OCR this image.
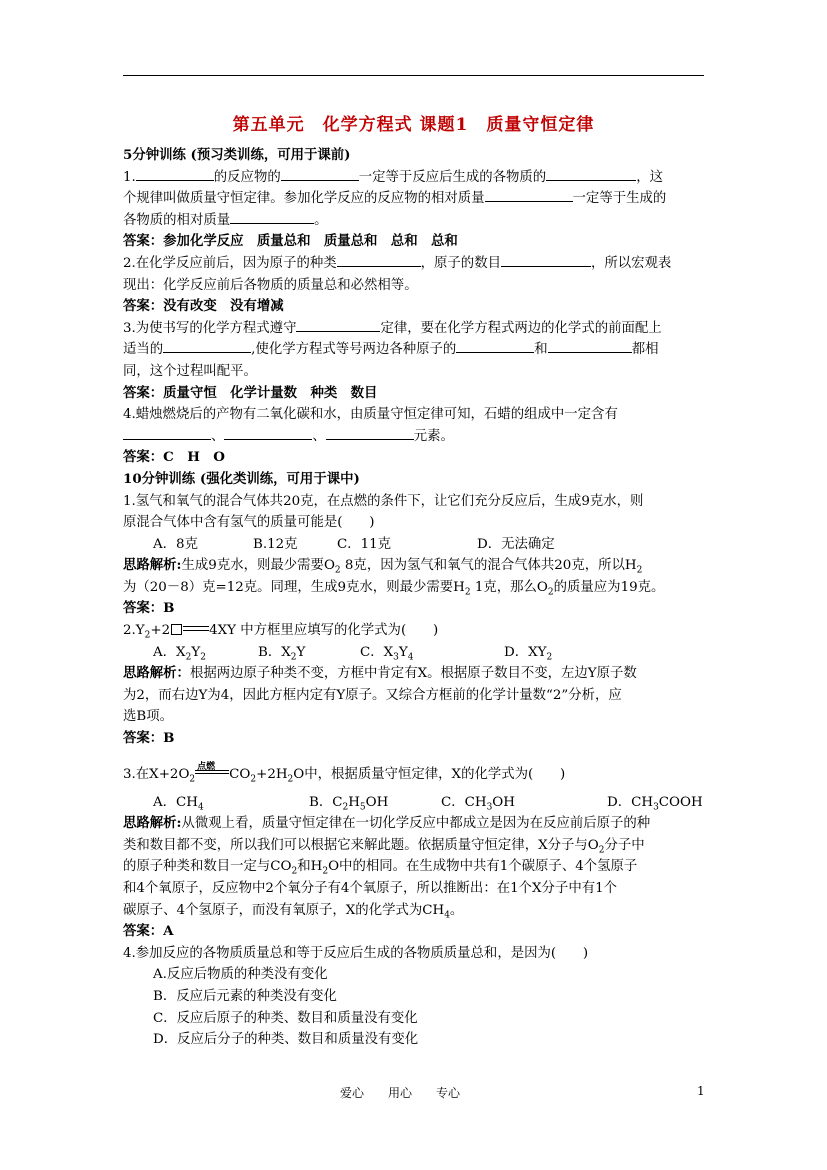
第五单元　化学方程式 课题1　质量守恒定律
5分钟训练 (预习类训练，可用于课前)
1.	的反应物的	一定等于反应后生成的各物质的	，这
个规律叫做质量守恒定律。参加化学反应的反应物的相对质量	一定等于生成的
各物质的相对质量	。
答案：参加化学反应　质量总和　质量总和　总和　总和
2.在化学反应前后，因为原子的种类	，原子的数目	，所以宏观表
现出：化学反应前后各物质的质量总和必然相等。
答案：没有改变　没有增减
3.为使书写的化学方程式遵守	定律，要在化学方程式两边的化学式的前面配上
适当的	,使化学方程式等号两边各种原子的	和	都相
同，这个过程叫配平。
答案：质量守恒　化学计量数　种类　数目
4.蜡烛燃烧后的产物有二氧化碳和水，由质量守恒定律可知，石蜡的组成中一定含有
、	、	元素。
答案：C　H　O
10分钟训练 (强化类训练，可用于课中)
1.氢气和氧气的混合气体共20克，在点燃的条件下，让它们充分反应后，生成9克水，则
原混合气体中含有氢气的质量可能是(　　)
A．8克	B.12克	C．11克	D．无法确定
思路解析:生成9克水，则最少需要$O_2$ 8克，因为氢气和氧气的混合气体共20克，所以$H_2$
为（20－8）克=12克。同理，生成9克水，则最少需要$H_2$ 1克，那么$O_2$的质量应为19克。
答案：B
$2.Y_2+2$	4XY 中方框里应填写的化学式为(　　)
A．$X_2Y_2$	B．$X_2Y$	C．$X_3Y_4$	D．$XY_2$
思路解析：根据两边原子种类不变，方框中肯定有X。根据原子数目不变，左边Y原子数
为2，而右边Y为4，因此方框内定有Y原子。又综合方框前的化学计量数“2”分析，应
选B项。
答案：B
3.在$X+2O_2$
点燃 $CO_2+2H_2O$中，根据质量守恒定律，X的化学式为(　　)
A．$CH_4$	B．$C_2H_5OH$	C．$CH_3OH$	D．$CH_3COOH$
思路解析:从微观上看，质量守恒定律在一切化学反应中都成立是因为在反应前后原子的种
类和数目都不变，所以我们可以根据它来解此题。依据质量守恒定律，X分子与$O_2$分子中
的原子种类和数目一定与$CO_2$和$H_2O$中的相同。在生成物中共有1个碳原子、4个氢原子
和4个氧原子，反应物中2个氧分子有4个氧原子，所以推断出：在1个X分子中有1个
碳原子、4个氢原子，而没有氧原子，X的化学式为$CH_4$。
答案：A
4.参加反应的各物质质量总和等于反应后生成的各物质质量总和，是因为(　　)
A.反应后物质的种类没有变化
B．反应后元素的种类没有变化
C．反应后原子的种类、数目和质量没有变化
D．反应后分子的种类、数目和质量没有变化
爱心　　用心　　专心	1
